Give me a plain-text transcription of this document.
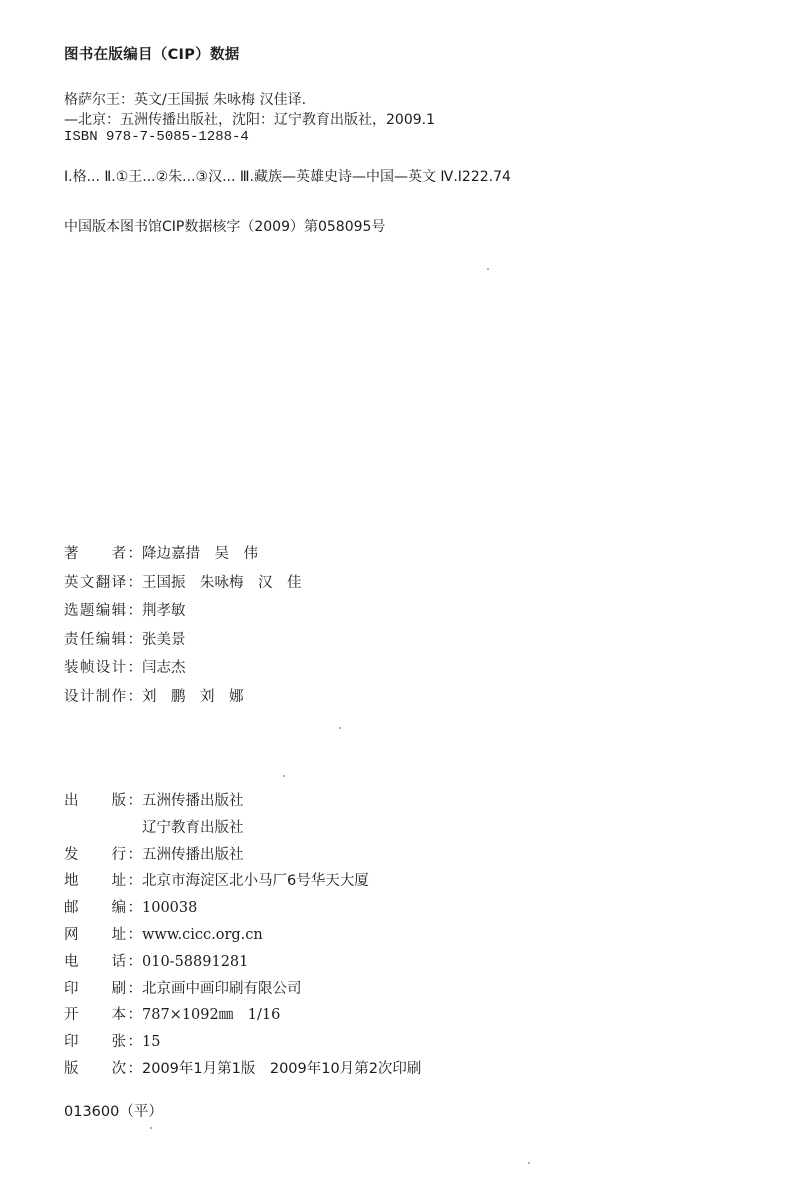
图书在版编目（CIP）数据
格萨尔王：英文/王国振 朱咏梅 汉佳译.
—北京：五洲传播出版社，沈阳：辽宁教育出版社，2009.1
ISBN 978-7-5085-1288-4
Ⅰ.格... Ⅱ.①王...②朱...③汉... Ⅲ.藏族—英雄史诗—中国—英文 Ⅳ.I222.74
中国版本图书馆CIP数据核字（2009）第058095号
著　　者： 降边嘉措　吴　伟
英文翻译： 王国振　朱咏梅　汉　佳
选题编辑： 荆孝敏
责任编辑： 张美景
装帧设计： 闫志杰
设计制作： 刘　鹏　刘　娜
出　　版： 五洲传播出版社
辽宁教育出版社
发　　行： 五洲传播出版社
地　　址： 北京市海淀区北小马厂6号华天大厦
邮　　编： 100038
网　　址： www.cicc.org.cn
电　　话： 010-58891281
印　　刷： 北京画中画印刷有限公司
开　　本： 787×1092㎜　1/16
印　　张： 15
版　　次： 2009年1月第1版　2009年10月第2次印刷
013600（平）
